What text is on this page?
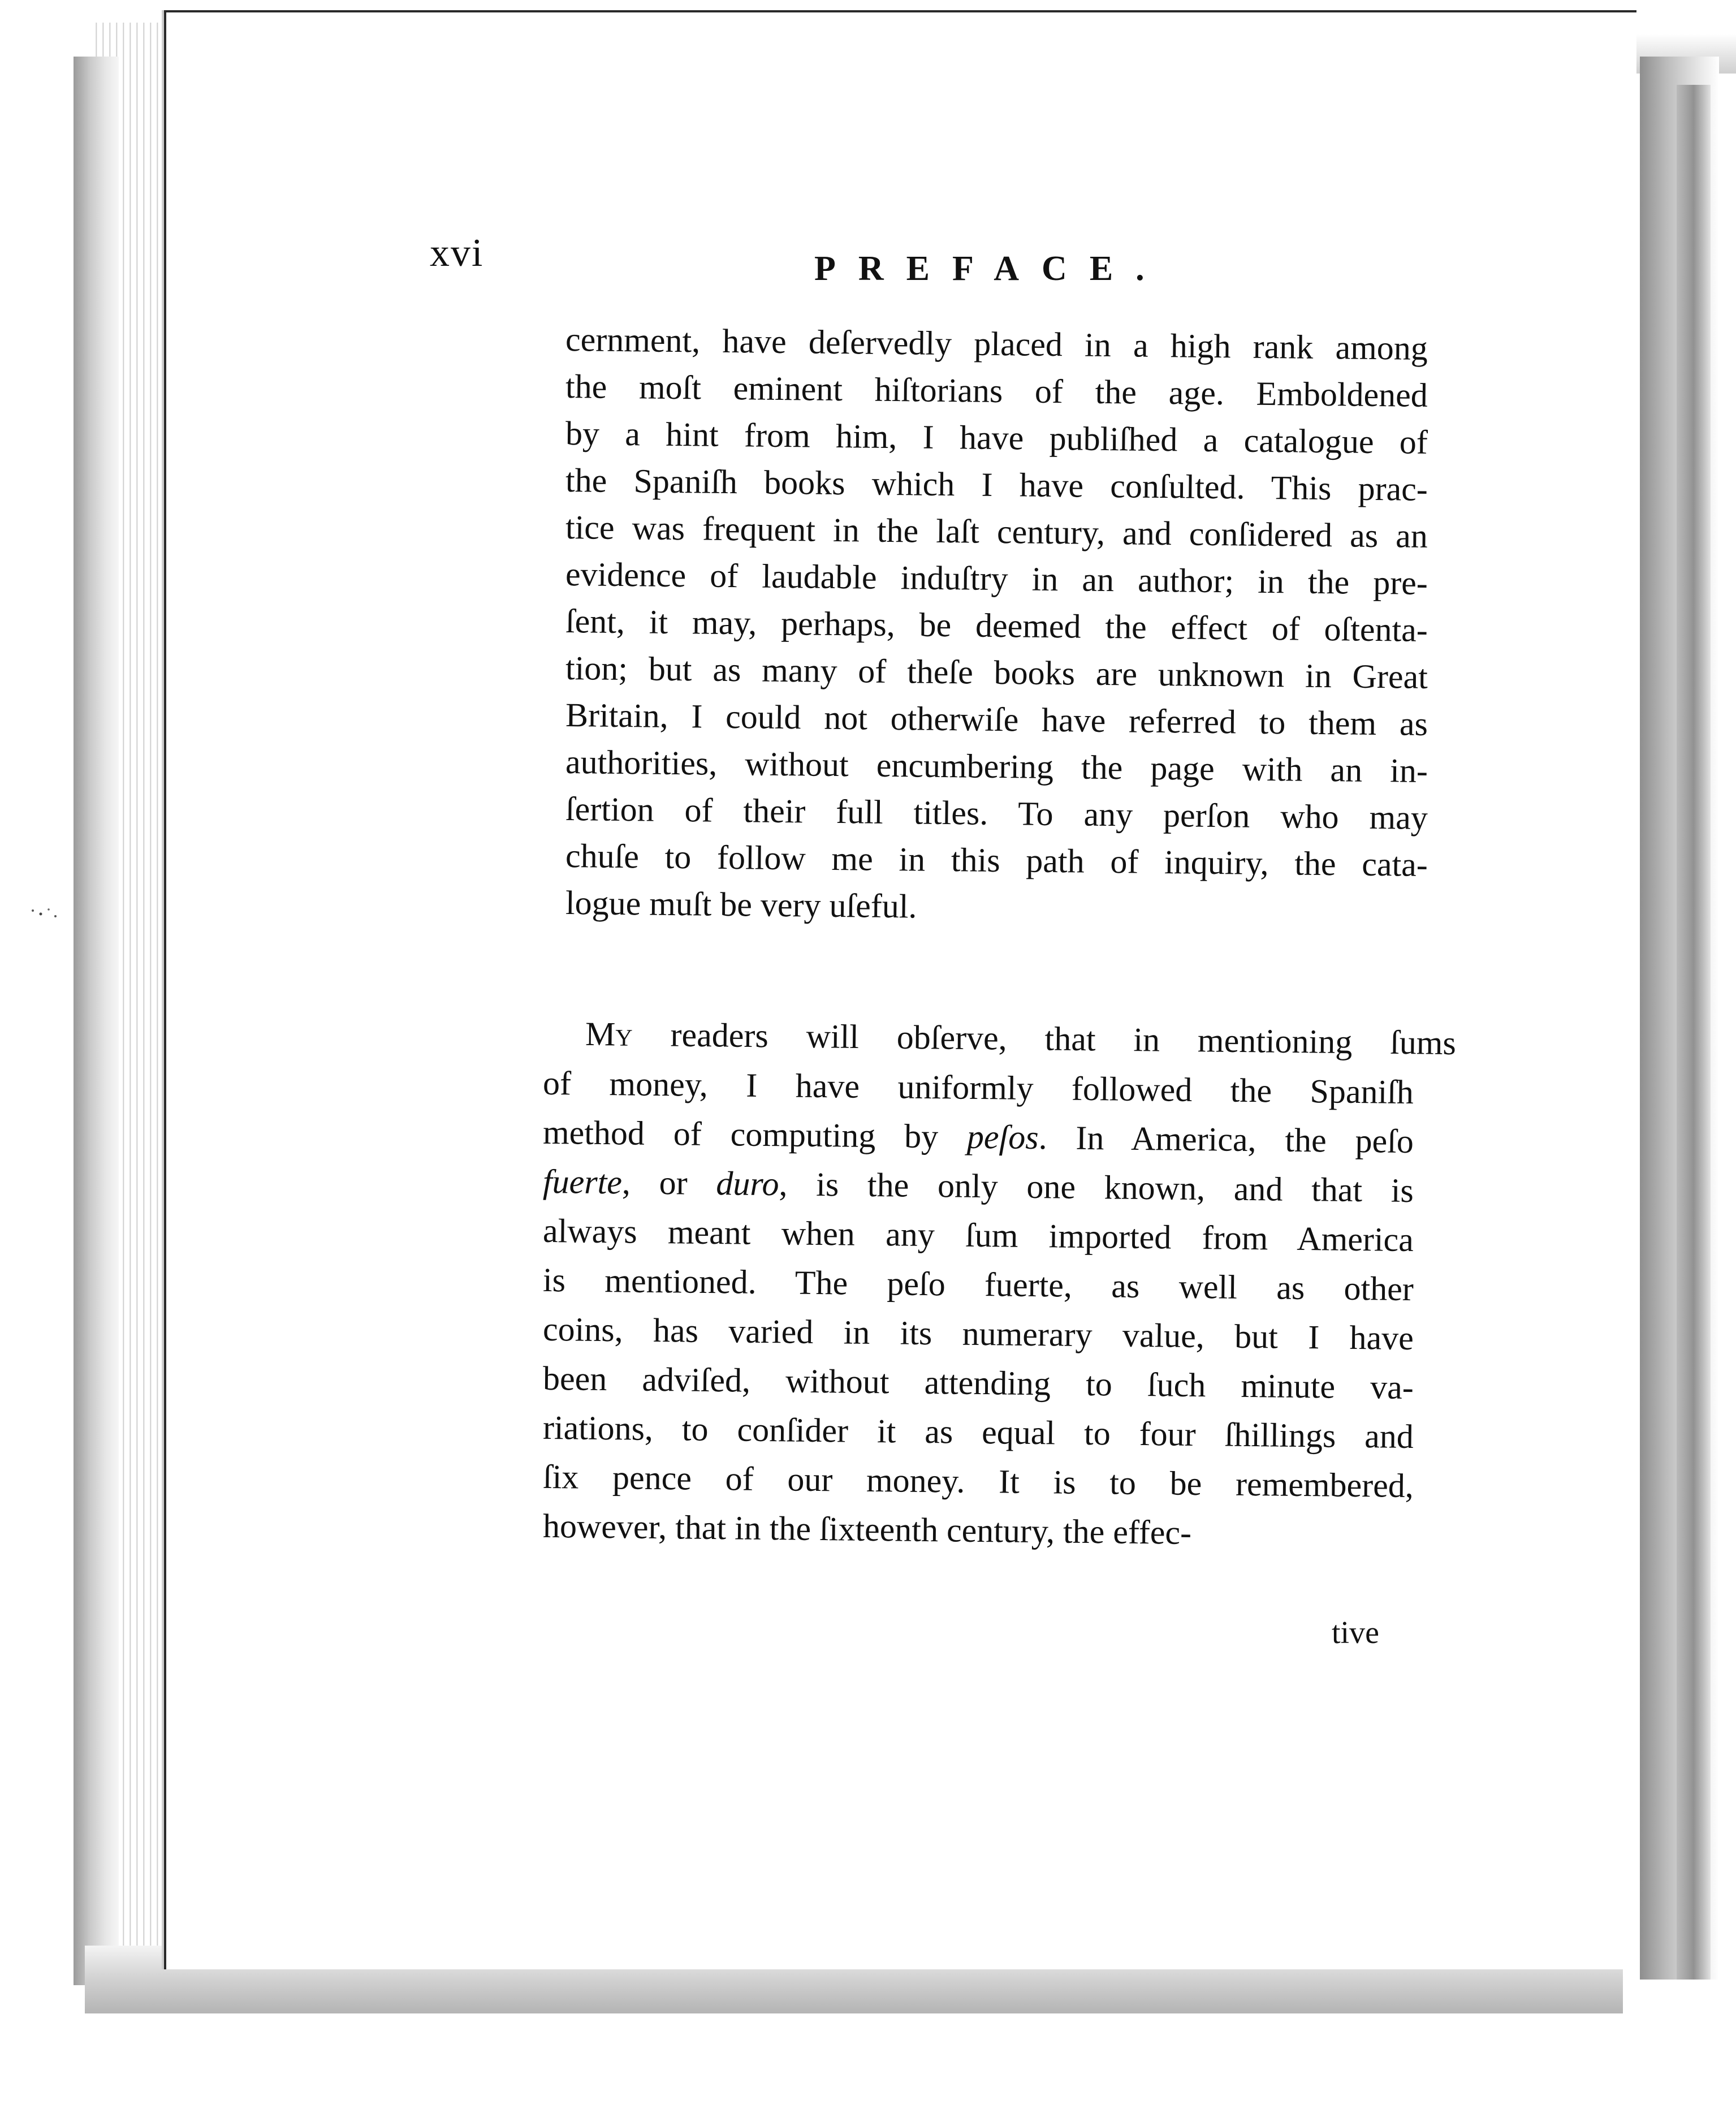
xvi	PREFACE.
cernment, have deſervedly placed in a high rank among
the moſt eminent hiſtorians of the age. Emboldened
by a hint from him, I have publiſhed a catalogue of
the Spaniſh books which I have conſulted. This prac-
tice was frequent in the laſt century, and conſidered as an
evidence of laudable induſtry in an author; in the pre-
ſent, it may, perhaps, be deemed the effect of oſtenta-
tion; but as many of theſe books are unknown in Great
Britain, I could not otherwiſe have referred to them as
authorities, without encumbering the page with an in-
ſertion of their full titles. To any perſon who may
chuſe to follow me in this path of inquiry, the cata-
logue muſt be very uſeful.
My readers will obſerve, that in mentioning ſums
of money, I have uniformly followed the Spaniſh
method of computing by peſos. In America, the peſo
fuerte, or duro, is the only one known, and that is
always meant when any ſum imported from America
is mentioned. The peſo fuerte, as well as other
coins, has varied in its numerary value, but I have
been adviſed, without attending to ſuch minute va-
riations, to conſider it as equal to four ſhillings and
ſix pence of our money. It is to be remembered,
however, that in the ſixteenth century, the effec-
tive
